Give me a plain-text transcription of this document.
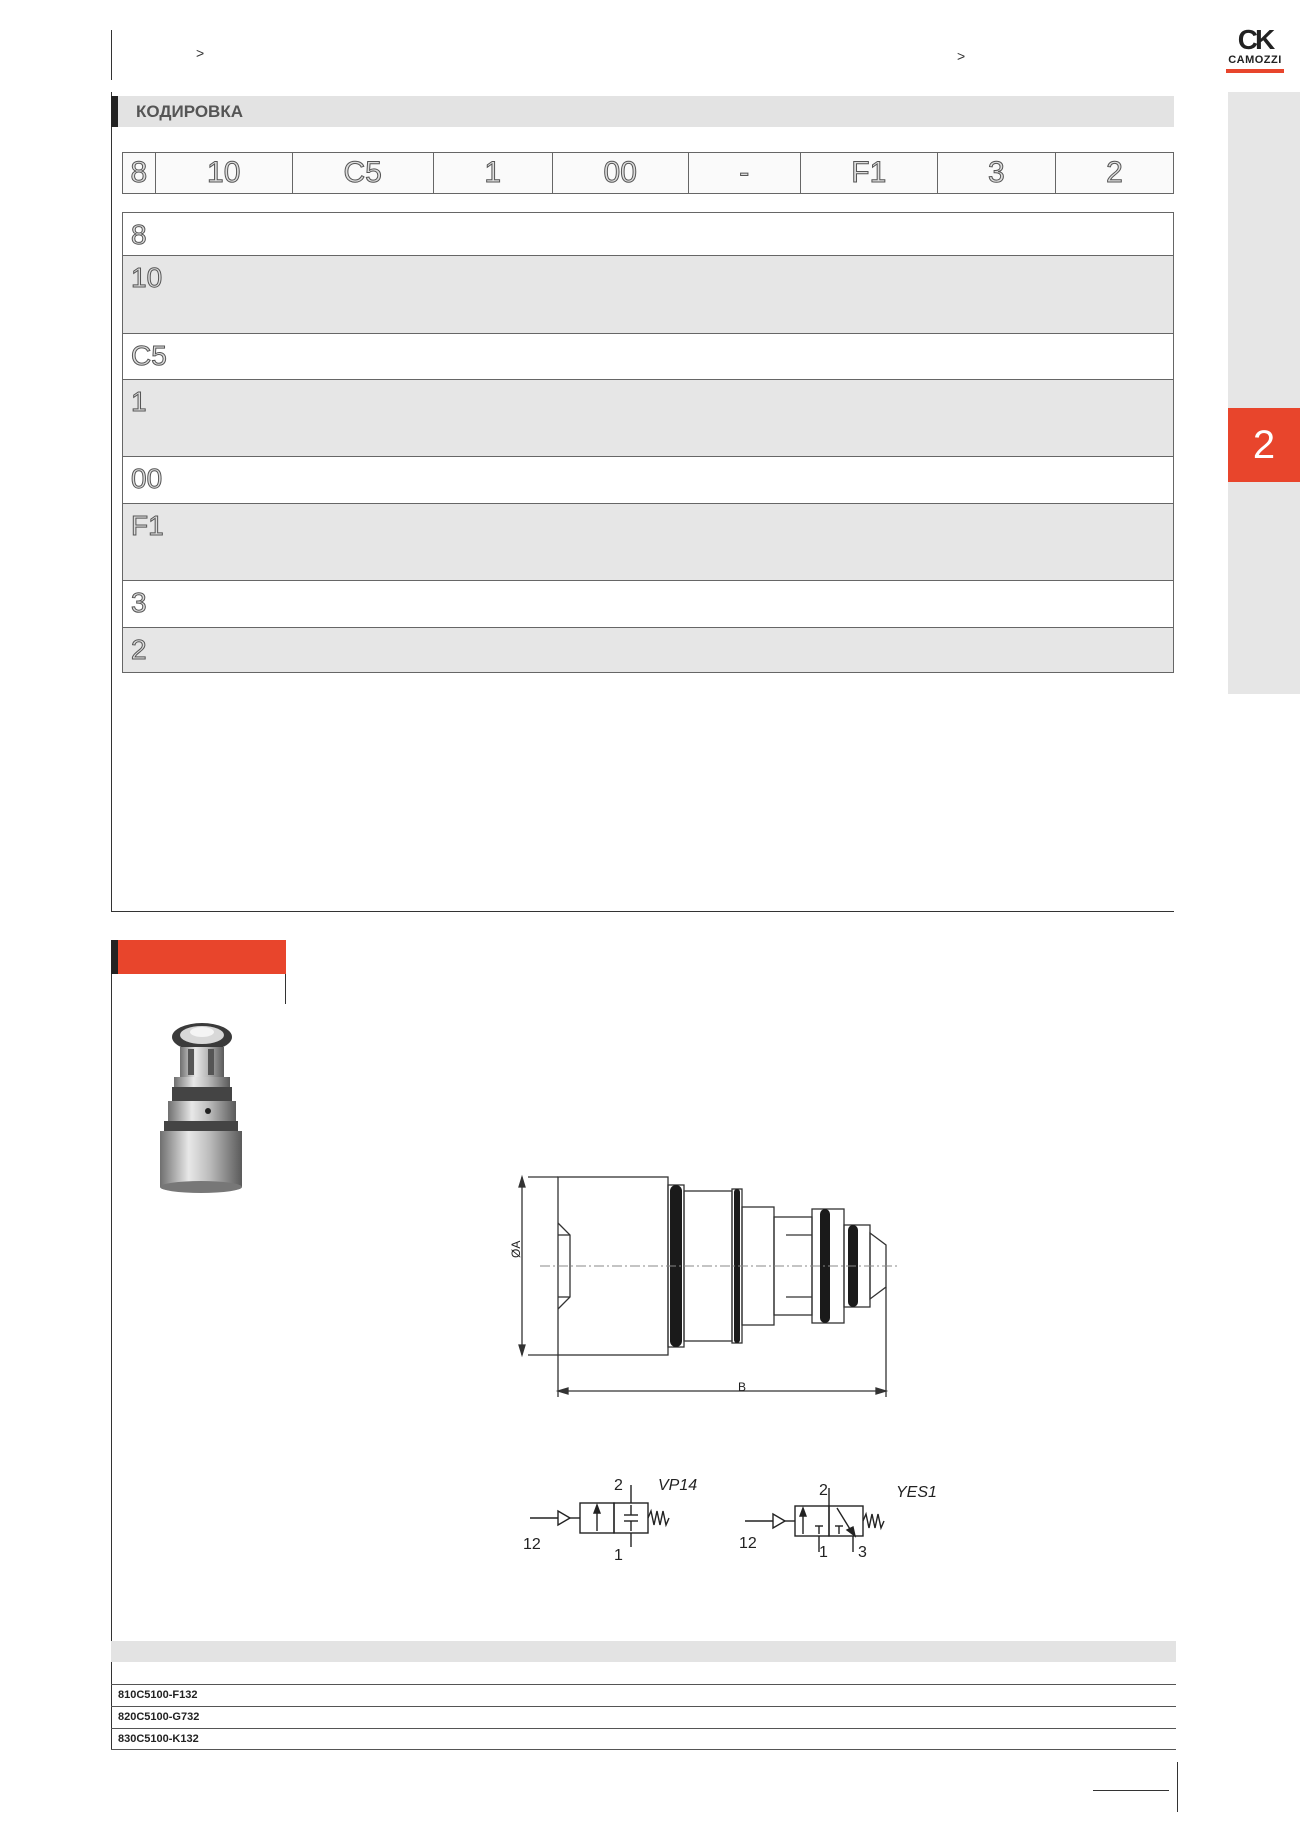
>	>
CK
CAMOZZI
2
КОДИРОВКА
8	10	C5	1	00	-	F1	3	2
8
10
C5
1
00
F1
3
2
ØA
B
2
1
12
VP14	2
1 3
12
YES1
810C5100-F132
820C5100-G732
830C5100-K132
